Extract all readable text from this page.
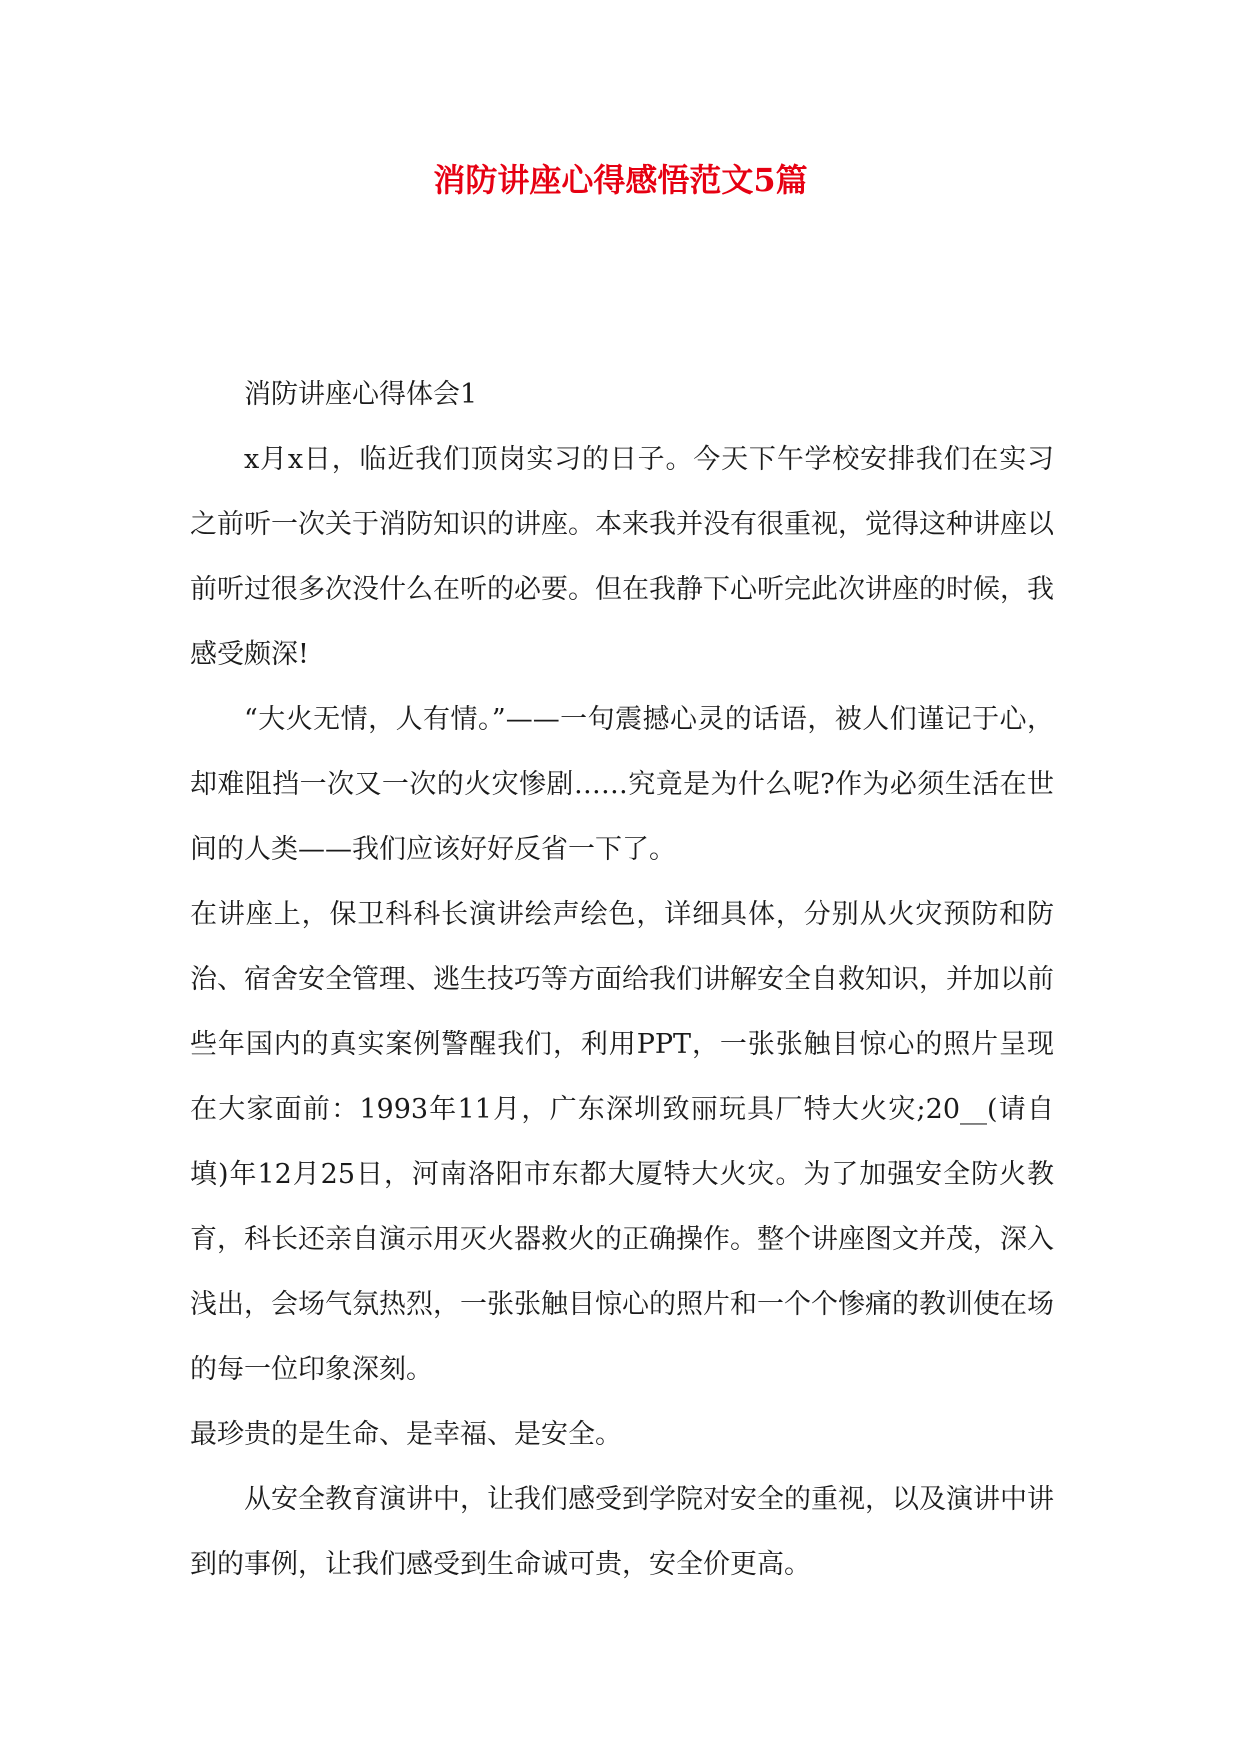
消防讲座心得感悟范文5篇

消防讲座心得体会1

x月x日，临近我们顶岗实习的日子。今天下午学校安排我们在实习之前听一次关于消防知识的讲座。本来我并没有很重视，觉得这种讲座以前听过很多次没什么在听的必要。但在我静下心听完此次讲座的时候，我感受颇深!

“大火无情，人有情。”——一句震撼心灵的话语，被人们谨记于心，却难阻挡一次又一次的火灾惨剧……究竟是为什么呢?作为必须生活在世间的人类——我们应该好好反省一下了。

在讲座上，保卫科科长演讲绘声绘色，详细具体，分别从火灾预防和防治、宿舍安全管理、逃生技巧等方面给我们讲解安全自救知识，并加以前些年国内的真实案例警醒我们，利用PPT，一张张触目惊心的照片呈现在大家面前：1993年11月，广东深圳致丽玩具厂特大火灾;20__(请自填)年12月25日，河南洛阳市东都大厦特大火灾。为了加强安全防火教育，科长还亲自演示用灭火器救火的正确操作。整个讲座图文并茂，深入浅出，会场气氛热烈，一张张触目惊心的照片和一个个惨痛的教训使在场的每一位印象深刻。

最珍贵的是生命、是幸福、是安全。

从安全教育演讲中，让我们感受到学院对安全的重视，以及演讲中讲到的事例，让我们感受到生命诚可贵，安全价更高。
